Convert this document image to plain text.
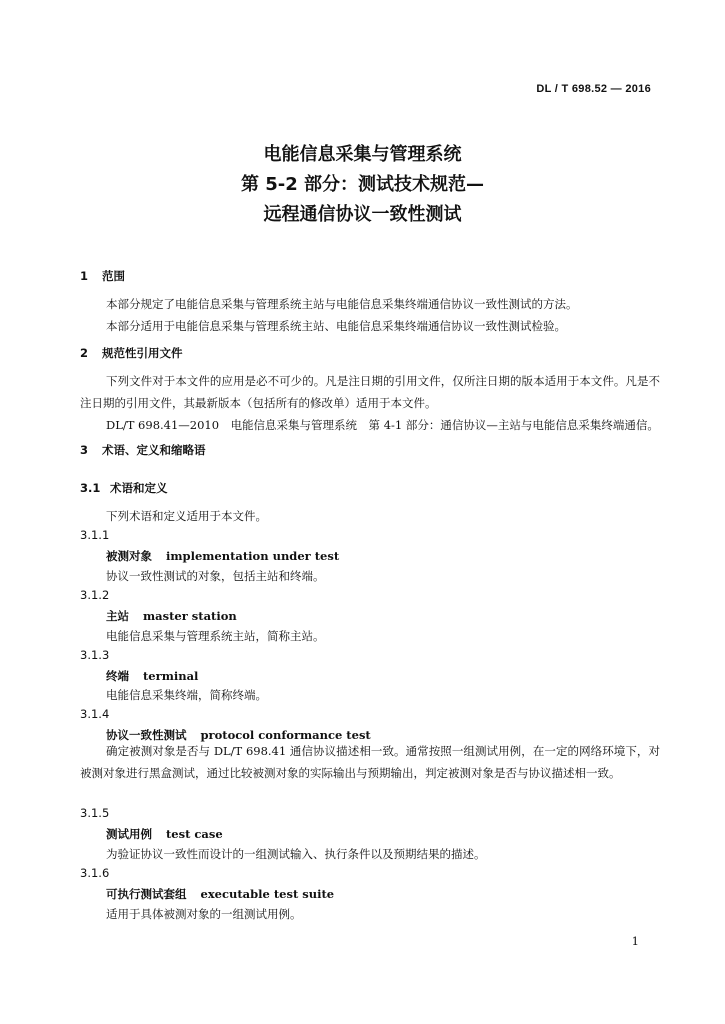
DL / T 698.52 — 2016
电能信息采集与管理系统
第 5-2 部分：测试技术规范—
远程通信协议一致性测试
1 范围
本部分规定了电能信息采集与管理系统主站与电能信息采集终端通信协议一致性测试的方法。
本部分适用于电能信息采集与管理系统主站、电能信息采集终端通信协议一致性测试检验。
2 规范性引用文件
下列文件对于本文件的应用是必不可少的。凡是注日期的引用文件，仅所注日期的版本适用于本文件。凡是不注日期的引用文件，其最新版本（包括所有的修改单）适用于本文件。
DL/T 698.41—2010　电能信息采集与管理系统　第 4-1 部分：通信协议—主站与电能信息采集终端通信。
3 术语、定义和缩略语
3.1 术语和定义
下列术语和定义适用于本文件。
3.1.1
被测对象 implementation under test
协议一致性测试的对象，包括主站和终端。
3.1.2
主站 master station
电能信息采集与管理系统主站，简称主站。
3.1.3
终端 terminal
电能信息采集终端，简称终端。
3.1.4
协议一致性测试 protocol conformance test
确定被测对象是否与 DL/T 698.41 通信协议描述相一致。通常按照一组测试用例，在一定的网络环境下，对被测对象进行黑盒测试，通过比较被测对象的实际输出与预期输出，判定被测对象是否与协议描述相一致。
3.1.5
测试用例 test case
为验证协议一致性而设计的一组测试输入、执行条件以及预期结果的描述。
3.1.6
可执行测试套组 executable test suite
适用于具体被测对象的一组测试用例。
1
